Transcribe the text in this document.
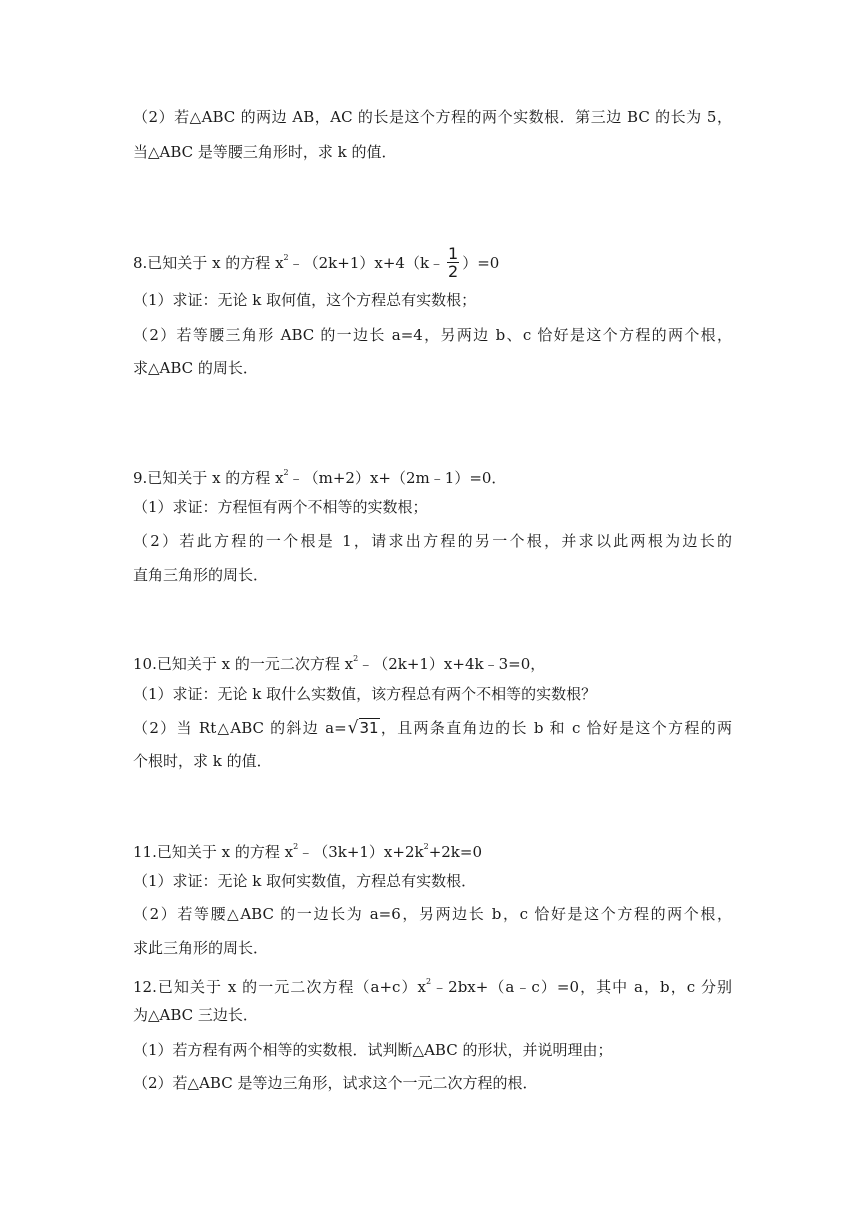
（2）若△ABC 的两边 AB，AC 的长是这个方程的两个实数根．第三边 BC 的长为 5，
当△ABC 是等腰三角形时，求 k 的值．
8.已知关于 x 的方程 $x^2﹣(2k+1)x+4(k﹣ \frac{1}{2} )=0$
（1）求证：无论 k 取何值，这个方程总有实数根；
（2）若等腰三角形 ABC 的一边长 a=4，另两边 b、c 恰好是这个方程的两个根，
求△ABC 的周长．
9.已知关于 x 的方程 $x^2﹣(m+2)x+(2m﹣1)=0$．
（1）求证：方程恒有两个不相等的实数根；
（2）若此方程的一个根是 1，请求出方程的另一个根，并求以此两根为边长的
直角三角形的周长．
10.已知关于 x 的一元二次方程 $x^2﹣(2k+1)x+4k﹣3=0$，
（1）求证：无论 k 取什么实数值，该方程总有两个不相等的实数根？
（2）当 Rt△ABC 的斜边 a=√31，且两条直角边的长 b 和 c 恰好是这个方程的两
个根时，求 k 的值．
11.已知关于 x 的方程 $x^2﹣(3k+1)x+2k^2+2k=0$
（1）求证：无论 k 取何实数值，方程总有实数根．
（2）若等腰△ABC 的一边长为 a=6，另两边长 b，c 恰好是这个方程的两个根，
求此三角形的周长．
12.已知关于 x 的一元二次方程$(a+c)x^2﹣2bx+(a﹣c)=0$，其中 a，b，c 分别
为△ABC 三边长．
（1）若方程有两个相等的实数根．试判断△ABC 的形状，并说明理由；
（2）若△ABC 是等边三角形，试求这个一元二次方程的根．
